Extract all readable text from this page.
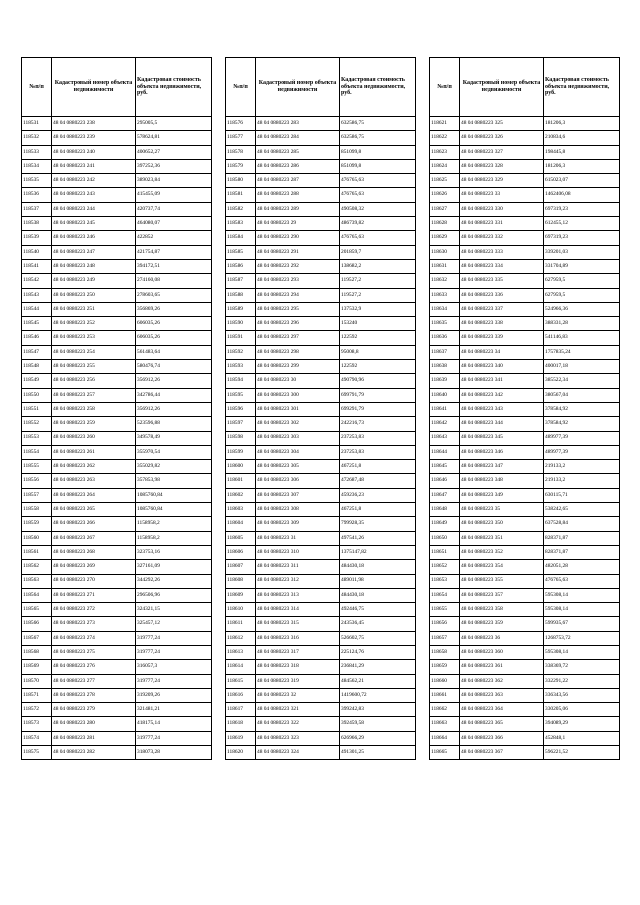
№п/п	Кадастровый номер объекта недвижимости	Кадастровая стоимость объекта недвижимости, руб.
118531	48 04 0880223 238	295005,5
118532	48 04 0880223 239	578624,81
118533	48 04 0880223 240	400652,27
118534	48 04 0880223 241	397252,36
118535	48 04 0880223 242	389023,84
118536	48 04 0880223 243	415455,09
118537	48 04 0880223 244	420737,74
118538	48 04 0880223 245	464080,07
118539	48 04 0880223 246	422852
118540	48 04 0880223 247	421754,87
118541	48 04 0880223 248	394172,51
118542	48 04 0880223 249	274160,08
118543	48 04 0880223 250	278603,65
118544	48 04 0880223 251	356869,26
118545	48 04 0880223 252	606035,26
118546	48 04 0880223 253	606035,26
118547	48 04 0880223 254	561483,64
118548	48 04 0880223 255	580476,74
118549	48 04 0880223 256	356912,26
118550	48 04 0880223 257	342786,44
118551	48 04 0880223 258	356912,26
118552	48 04 0880223 259	523596,88
118553	48 04 0880223 260	349578,49
118554	48 04 0880223 261	355970,54
118555	48 04 0880223 262	355029,82
118556	48 04 0880223 263	357853,98
118557	48 04 0880223 264	1085760,84
118558	48 04 0880223 265	1085760,84
118559	48 04 0880223 266	1158958,2
118560	48 04 0880223 267	1158958,2
118561	48 04 0880223 268	323753,16
118562	48 04 0880223 269	327161,09
118563	48 04 0880223 270	344292,26
118564	48 04 0880223 271	296506,96
118565	48 04 0880223 272	324321,15
118566	48 04 0880223 273	325457,12
118567	48 04 0880223 274	319777,24
118568	48 04 0880223 275	319777,24
118569	48 04 0880223 276	316057,3
118570	48 04 0880223 277	319777,24
118571	48 04 0880223 278	319209,26
118572	48 04 0880223 279	321481,21
118573	48 04 0880223 280	418175,14
118574	48 04 0880223 281	319777,24
118575	48 04 0880223 282	318073,28
№п/п	Кадастровый номер объекта недвижимости	Кадастровая стоимость объекта недвижимости, руб.
118576	48 04 0880223 283	632586,75
118577	48 04 0880223 284	632586,75
118578	48 04 0880223 285	851099,8
118579	48 04 0880223 286	851099,8
118580	48 04 0880223 287	476765,63
118581	48 04 0880223 288	476765,63
118582	48 04 0880223 289	490508,32
118583	48 04 0880223 29	486739,82
118584	48 04 0880223 290	476765,63
118585	48 04 0880223 291	201859,7
118586	48 04 0880223 292	138682,2
118587	48 04 0880223 293	119527,2
118588	48 04 0880223 294	119527,2
118589	48 04 0880223 295	137532,9
118590	48 04 0880223 296	153240
118591	48 04 0880223 297	122592
118592	48 04 0880223 298	95008,8
118593	48 04 0880223 299	122592
118594	48 04 0880223 30	490790,96
118595	48 04 0880223 300	699791,79
118596	48 04 0880223 301	699291,79
118597	48 04 0880223 302	242216,73
118598	48 04 0880223 303	237253,83
118599	48 04 0880223 304	237253,83
118600	48 04 0880223 305	467251,8
118601	48 04 0880223 306	472687,48
118602	48 04 0880223 307	459236,23
118603	48 04 0880223 308	467251,8
118604	48 04 0880223 309	799928,35
118605	48 04 0880223 31	497541,26
118606	48 04 0880223 310	1375147,82
118607	48 04 0880223 311	484430,18
118608	48 04 0880223 312	489011,98
118609	48 04 0880223 313	484430,18
118610	48 04 0880223 314	492446,75
118611	48 04 0880223 315	243536,45
118612	48 04 0880223 316	526602,75
118613	48 04 0880223 317	225124,76
118614	48 04 0880223 318	236841,29
118615	48 04 0880223 319	484562,21
118616	48 04 0880223 32	1419600,72
118617	48 04 0880223 321	399242,83
118618	48 04 0880223 322	392459,58
118619	48 04 0880223 323	626966,29
118620	48 04 0880223 324	491301,25
№п/п	Кадастровый номер объекта недвижимости	Кадастровая стоимость объекта недвижимости, руб.
118621	48 04 0880223 325	181206,3
118622	48 04 0880223 326	210834,6
118623	48 04 0880223 327	198445,8
118624	48 04 0880223 328	181206,3
118625	48 04 0880223 329	615023,07
118626	48 04 0880223 33	1462406,08
118627	48 04 0880223 330	697319,23
118628	48 04 0880223 331	612455,12
118629	48 04 0880223 332	697319,23
118630	48 04 0880223 333	339201,03
118631	48 04 0880223 334	331704,89
118632	48 04 0880223 335	627959,5
118633	48 04 0880223 336	627959,5
118634	48 04 0880223 337	524966,36
118635	48 04 0880223 338	388331,28
118636	48 04 0880223 339	541146,83
118637	48 04 0880223 34	1757835,24
118638	48 04 0880223 340	400017,18
118639	48 04 0880223 341	385522,34
118640	48 04 0880223 342	380567,04
118641	48 04 0880223 343	378584,92
118642	48 04 0880223 344	378584,92
118643	48 04 0880223 345	489977,39
118644	48 04 0880223 346	489977,39
118645	48 04 0880223 347	219133,2
118646	48 04 0880223 348	219133,2
118647	48 04 0880223 349	630115,71
118648	48 04 0880223 35	538242,65
118649	48 04 0880223 350	637528,84
118650	48 04 0880223 351	828371,87
118651	48 04 0880223 352	828371,87
118652	48 04 0880223 354	482051,28
118653	48 04 0880223 355	476765,63
118654	48 04 0880223 357	595308,14
118655	48 04 0880223 358	595308,14
118656	48 04 0880223 359	599935,67
118657	48 04 0880223 36	1268753,72
118658	48 04 0880223 360	595308,14
118659	48 04 0880223 361	338369,72
118660	48 04 0880223 362	332291,22
118661	48 04 0880223 363	336343,56
118662	48 04 0880223 364	330205,06
118663	48 04 0880223 365	394089,29
118664	48 04 0880223 366	452848,1
118665	48 04 0880223 367	596221,52
